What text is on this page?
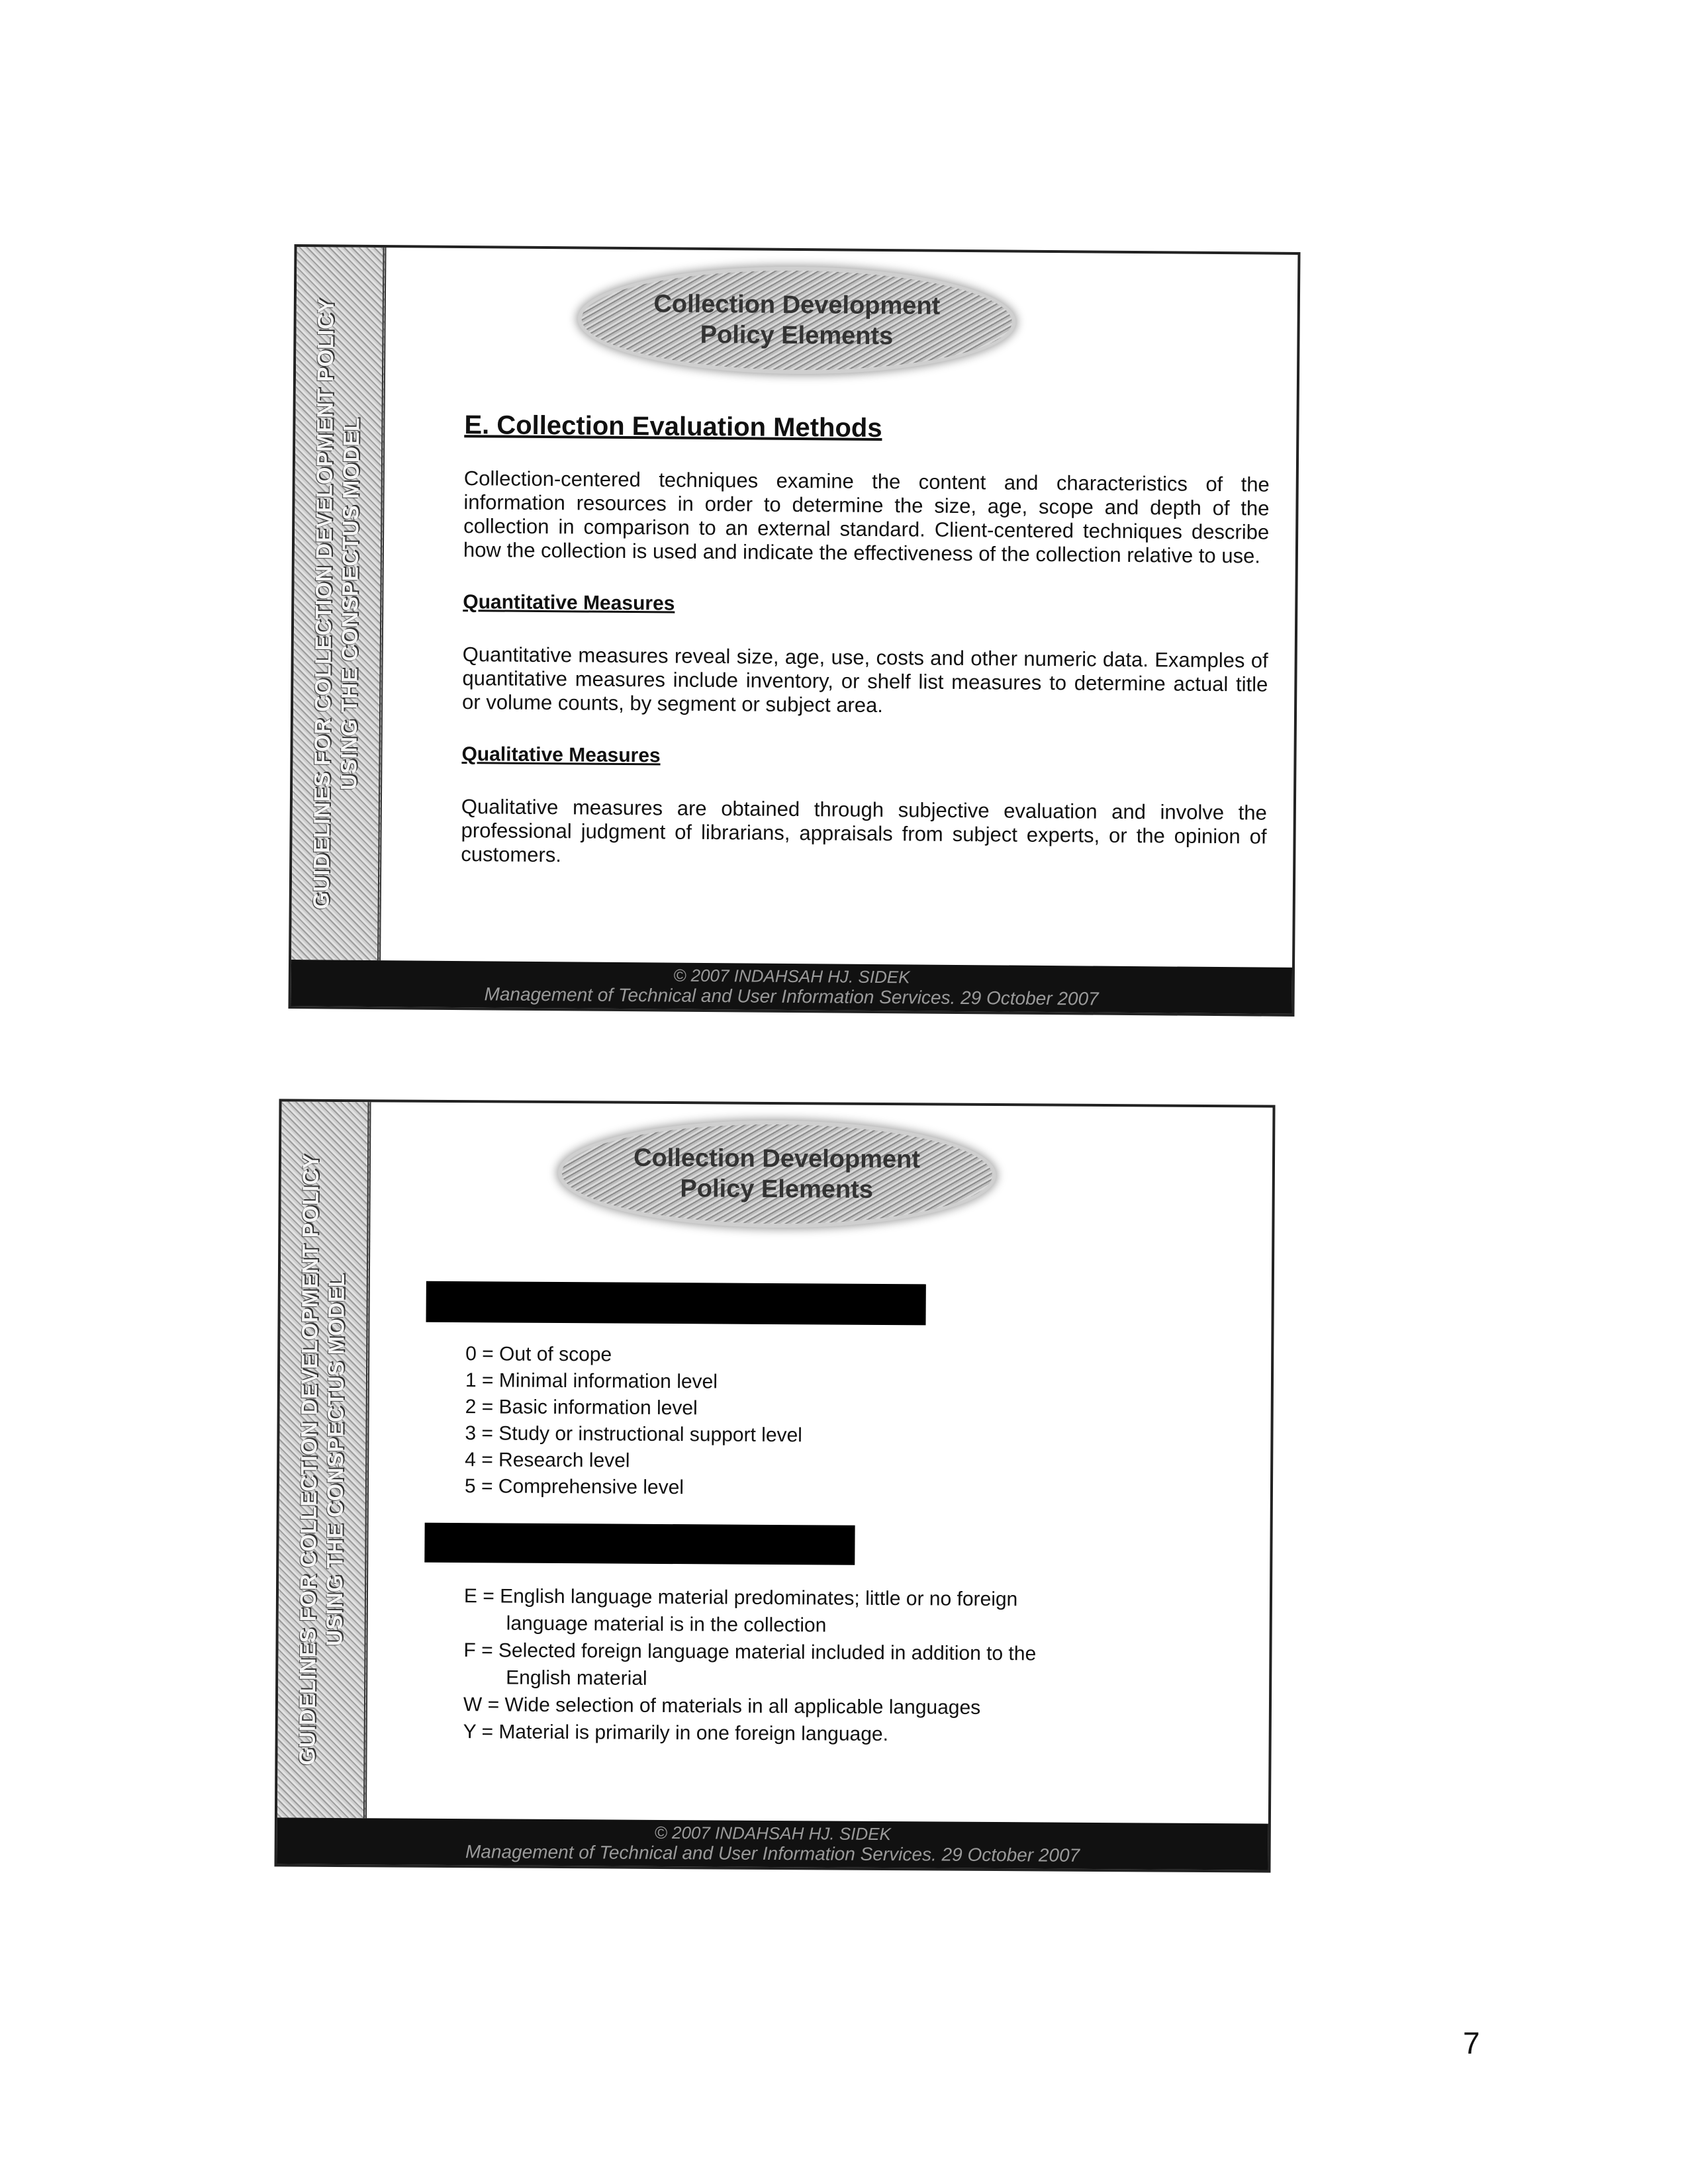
GUIDELINES FOR COLLECTION DEVELOPMENT POLICY
USING THE CONSPECTUS MODEL
Collection Development
Policy Elements
E. Collection Evaluation Methods

Collection-centered techniques examine the content and characteristics of the information resources in order to determine the size, age, scope and depth of the collection in comparison to an external standard. Client-centered techniques describe how the collection is used and indicate the effectiveness of the collection relative to use.

Quantitative Measures

Quantitative measures reveal size, age, use, costs and other numeric data. Examples of quantitative measures include inventory, or shelf list measures to determine actual title or volume counts, by segment or subject area.

Qualitative Measures

Qualitative measures are obtained through subjective evaluation and involve the professional judgment of librarians, appraisals from subject experts, or the opinion of customers.

© 2007 INDAHSAH HJ. SIDEK
Management of Technical and User Information Services. 29 October 2007
GUIDELINES FOR COLLECTION DEVELOPMENT POLICY
USING THE CONSPECTUS MODEL
Collection Development
Policy Elements
0 = Out of scope
1 = Minimal information level
2 = Basic information level
3 = Study or instructional support level
4 = Research level
5 = Comprehensive level
E = English language material predominates; little or no foreign
language material is in the collection
F = Selected foreign language material included in addition to the
English material
W = Wide selection of materials in all applicable languages
Y = Material is primarily in one foreign language.
© 2007 INDAHSAH HJ. SIDEK
Management of Technical and User Information Services. 29 October 2007
7
